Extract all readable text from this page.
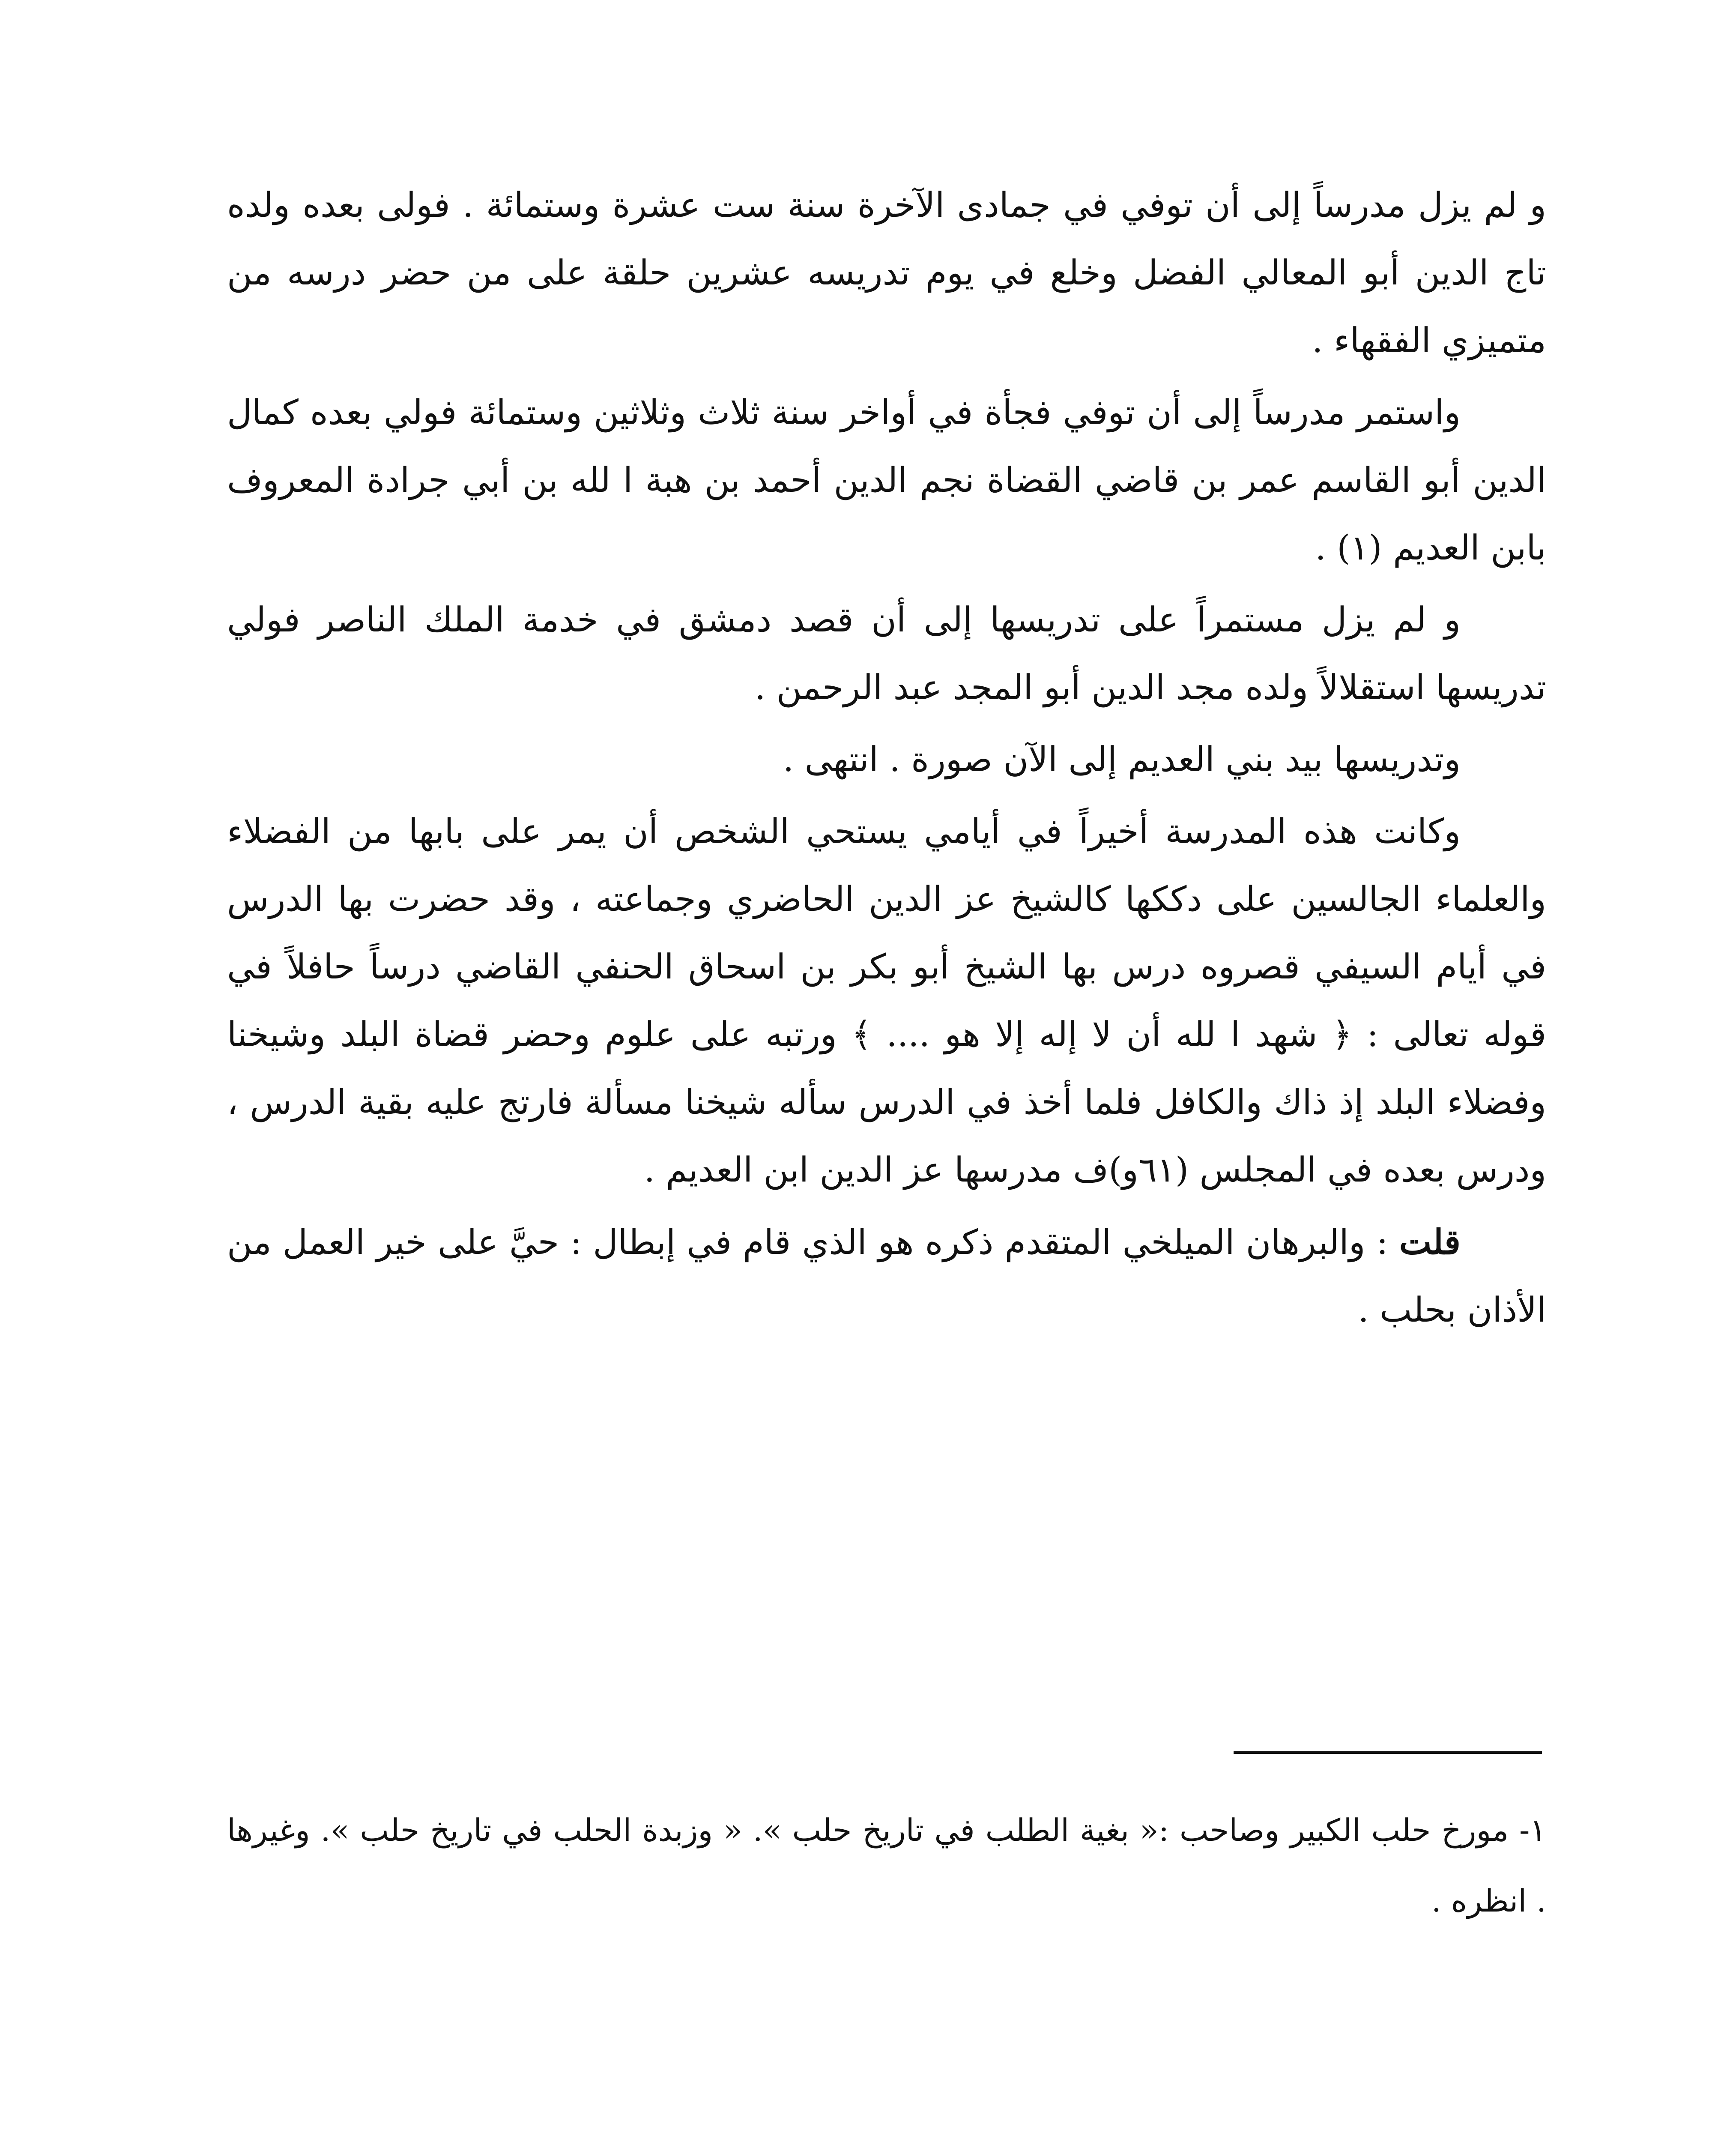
و لم يزل مدرساً إلى أن توفي في جمادى الآخرة سنة ست عشرة وستمائة . فولى بعده ولده تاج الدين أبو المعالي الفضل وخلع في يوم تدريسه عشرين حلقة على من حضر درسه من متميزي الفقهاء .

واستمر مدرساً إلى أن توفي فجأة في أواخر سنة ثلاث وثلاثين وستمائة فولي بعده كمال الدين أبو القاسم عمر بن قاضي القضاة نجم الدين أحمد بن هبة ا لله بن أبي جرادة المعروف بابن العديم (١) .

و لم يزل مستمراً على تدريسها إلى أن قصد دمشق في خدمة الملك الناصر فولي تدريسها استقلالاً ولده مجد الدين أبو المجد عبد الرحمن .

وتدريسها بيد بني العديم إلى الآن صورة . انتهى .

وكانت هذه المدرسة أخيراً في أيامي يستحي الشخص أن يمر على بابها من الفضلاء والعلماء الجالسين على دككها كالشيخ عز الدين الحاضري وجماعته ، وقد حضرت بها الدرس في أيام السيفي قصروه درس بها الشيخ أبو بكر بن اسحاق الحنفي القاضي درساً حافلاً في قوله تعالى : ﴿ شهد ا لله أن لا إله إلا هو .... ﴾ ورتبه على علوم وحضر قضاة البلد وشيخنا وفضلاء البلد إذ ذاك والكافل فلما أخذ في الدرس سأله شيخنا مسألة فارتج عليه بقية الدرس ، ودرس بعده في المجلس (٦١و)ف مدرسها عز الدين ابن العديم .

قلت : والبرهان الميلخي المتقدم ذكره هو الذي قام في إبطال : حيَّ على خير العمل من الأذان بحلب .

١- مورخ حلب الكبير وصاحب :« بغية الطلب في تاريخ حلب ». « وزبدة الحلب في تاريخ حلب ». وغيرها . انظره .
